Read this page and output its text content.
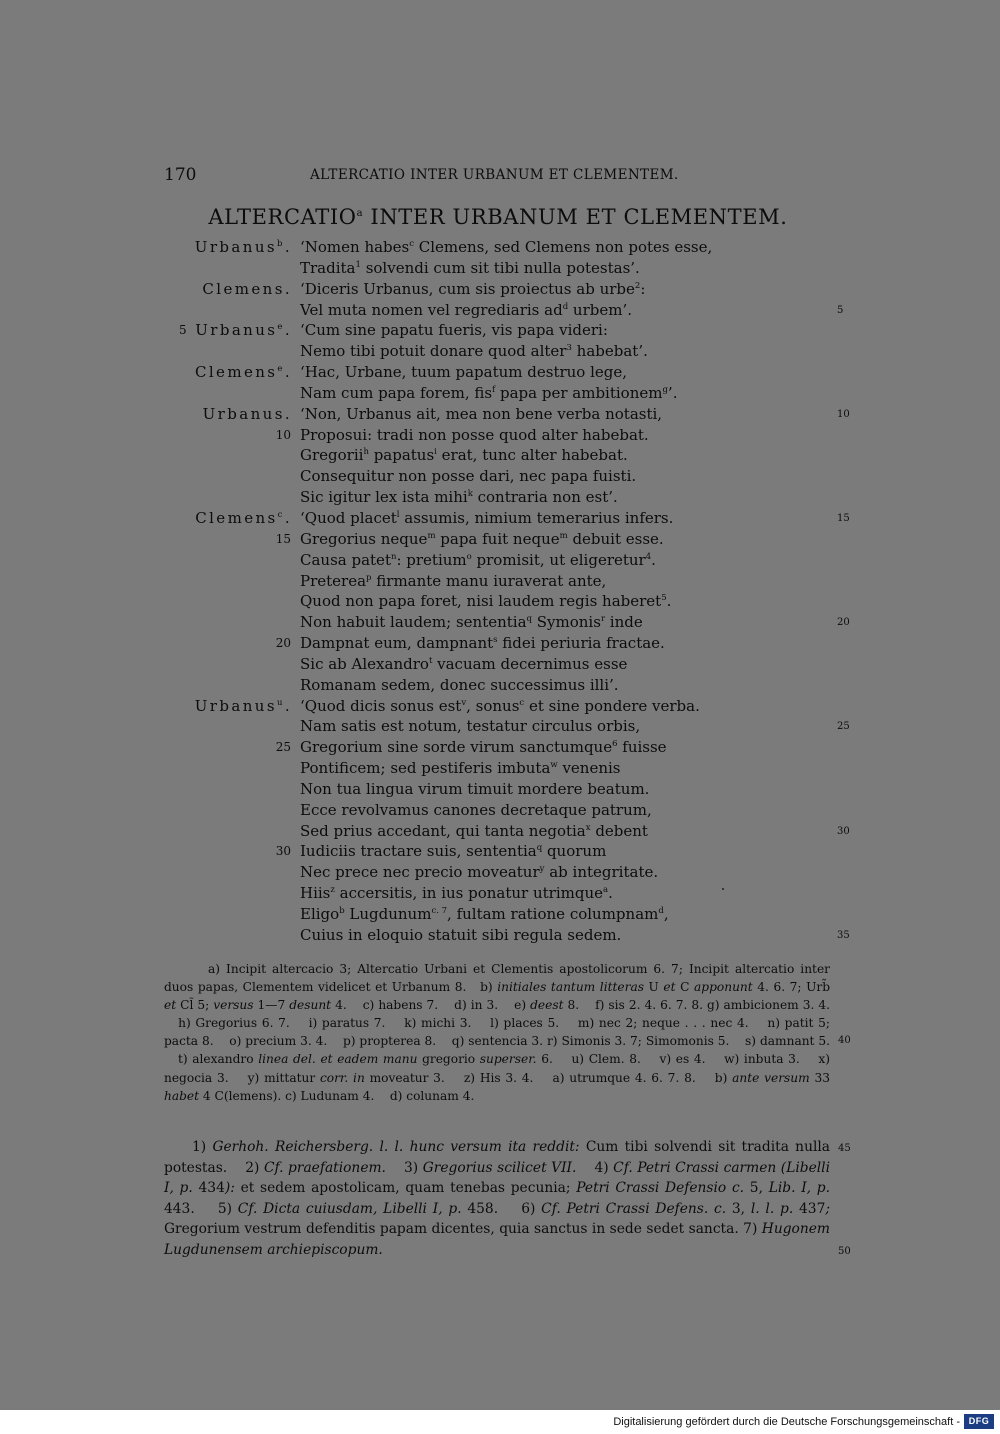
170	ALTERCATIO INTER URBANUM ET CLEMENTEM.
ALTERCATIO$^a$ INTER URBANUM ET CLEMENTEM.
Urbanus$^b$. ‘Nomen habes$^c$ Clemens, sed Clemens non potes esse,
Tradita$^1$ solvendi cum sit tibi nulla potestas’.
Clemens. ‘Diceris Urbanus, cum sis proiectus ab urbe$^2$:
Vel muta nomen vel regrediaris $ad^d$ urbem’.	5
Urbanus$^e$.
5	‘Cum sine papatu fueris, vis papa videri:
Nemo tibi potuit donare quod alter$^3$ habebat’.
Clemens$^e$. ‘Hac, Urbane, tuum papatum destruo lege,
Nam cum papa forem, fis$^f$ papa per ambitionem$^g$’.
Urbanus. ‘Non, Urbanus ait, mea non bene verba notasti,	10
10 Proposui: tradi non posse quod alter habebat.
Gregorii$^h$ papatus$^i$ erat, tunc alter habebat.
Consequitur non posse dari, nec papa fuisti.
Sic igitur lex ista mihi$^k$ contraria non est’.
Clemens$^c$. ‘Quod placet$^l$ assumis, nimium temerarius infers.	15
15 Gregorius neque$^m$ papa fuit neque$^m$ debuit esse.
Causa patet$^n$: pretium$^o$ promisit, ut eligeretur$^4$.
Preterea$^p$ firmante manu iuraverat ante,
Quod non papa foret, nisi laudem regis haberet$^5$.
Non habuit laudem; sententia$^q$ Symonis$^r$ inde	20
20 Dampnat eum, dampnant$^s$ fidei periuria fractae.
Sic ab Alexandro$^t$ vacuam decernimus esse
Romanam sedem, donec successimus illi’.
Urbanus$^u$. ‘Quod dicis sonus est$^v$, sonus$^c$ et sine pondere verba.
Nam satis est notum, testatur circulus orbis,	25
25 Gregorium sine sorde virum sanctumque$^6$ fuisse
Pontificem; sed pestiferis imbuta$^w$ venenis
Non tua lingua virum timuit mordere beatum.
Ecce revolvamus canones decretaque patrum,
Sed prius accedant, qui tanta negotia$^x$ debent	30
30 Iudiciis tractare suis, sententia$^q$ quorum
Nec prece nec precio moveatur$^y$ ab integritate.
Hiis$^z$ accersitis, in ius ponatur utrimque$^a$.
Eligo$^b$ Lugdunum$^{c. 7}$, fultam ratione columpnam$^d$,
Cuius in eloquio statuit sibi regula sedem.	35

a) Incipit altercacio 3; Altercatio Urbani et Clementis apostolicorum 6. 7; Incipit altercatio inter duos papas, Clementem videlicet et Urbanum 8.   b) initiales tantum litteras U et C apponunt 4. 6. 7; Urb̃ et Cl̃ 5; versus 1—7 desunt 4.    c) habens 7.    d) in 3.    e) deest 8.    f) sis 2. 4. 6. 7. 8. g) ambicionem 3. 4.    h) Gregorius 6. 7.    i) paratus 7.    k) michi 3.    l) places 5.    m) nec 2; neque . . . nec 4.    n) patit 5; pacta 8.    o) precium 3. 4.    p) propterea 8.    q) sentencia 3. r) Simonis 3. 7; Simomonis 5.    s) damnant 5.    t) alexandro linea del. et eadem manu gregorio superser. 6.    u) Clem. 8.    v) es 4.    w) inbuta 3.    x) negocia 3.    y) mittatur corr. in moveatur 3.    z) His 3. 4.    a) utrumque 4. 6. 7. 8.    b) ante versum 33 habet 4 C(lemens). c) Ludunam 4.    d) colunam 4.

40

1) Gerhoh. Reichersberg. l. l. hunc versum ita reddit: Cum tibi solvendi sit tradita nulla potestas.    2) Cf. praefationem.    3) Gregorius scilicet VII.    4) Cf. Petri Crassi carmen (Libelli I, p. 434): et sedem apostolicam, quam tenebas pecunia; Petri Crassi Defensio c. 5, Lib. I, p. 443.    5) Cf. Dicta cuiusdam, Libelli I, p. 458.    6) Cf. Petri Crassi Defens. c. 3, l. l. p. 437; Gregorium vestrum defenditis papam dicentes, quia sanctus in sede sedet sancta. 7) Hugonem Lugdunensem archiepiscopum.

45
50
Digitalisierung gefördert durch die Deutsche Forschungsgemeinschaft - DFG
